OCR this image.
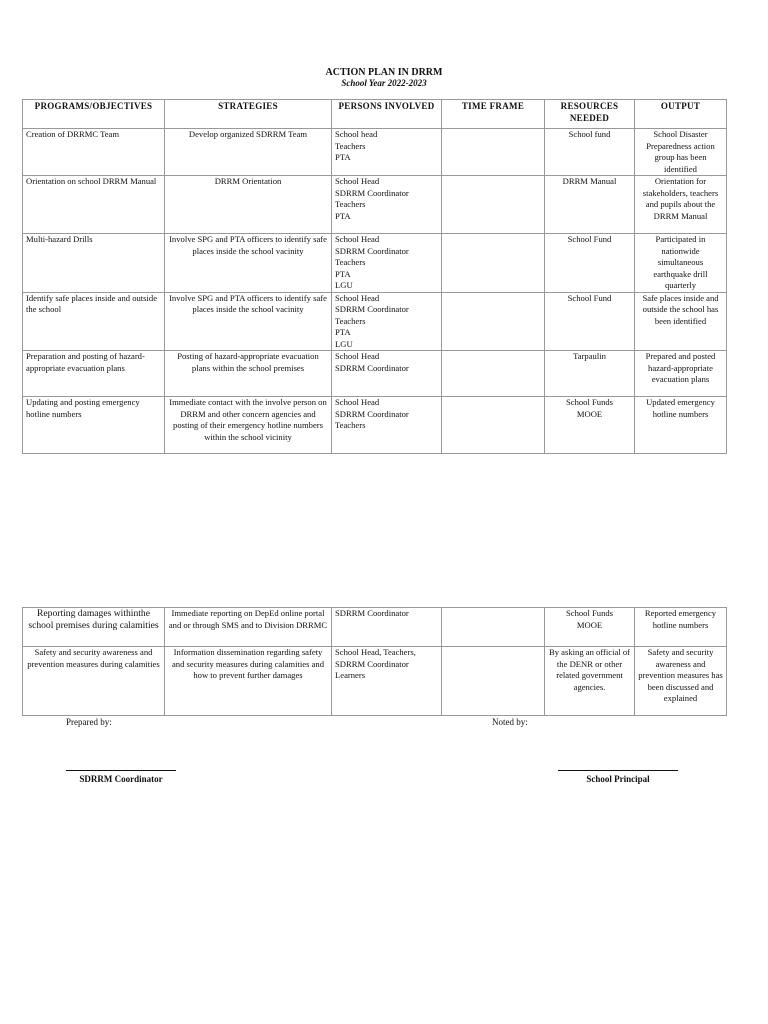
ACTION PLAN IN DRRM
School Year 2022-2023
PROGRAMS/OBJECTIVES	STRATEGIES	PERSONS INVOLVED	TIME FRAME	RESOURCES NEEDED	OUTPUT
Creation of DRRMC Team	Develop organized SDRRM Team	School head
Teachers
PTA		School fund	School Disaster Preparedness action group has been identified
Orientation on school DRRM Manual	DRRM Orientation	School Head
SDRRM Coordinator
Teachers
PTA		DRRM Manual	Orientation for stakeholders, teachers and pupils about the DRRM Manual
Multi-hazard Drills	Involve SPG and PTA officers to identify safe places inside the school vacinity	School Head
SDRRM Coordinator
Teachers
PTA
LGU		School Fund	Participated in nationwide simultaneous earthquake drill quarterly
Identify safe places inside and outside the school	Involve SPG and PTA officers to identify safe places inside the school vacinity	School Head
SDRRM Coordinator
Teachers
PTA
LGU		School Fund	Safe places inside and outside the school has been identified
Preparation and posting of hazard-appropriate evacuation plans	Posting of hazard-appropriate evacuation plans within the school premises	School Head
SDRRM Coordinator		Tarpaulin	Prepared and posted hazard-appropriate evacuation plans
Updating and posting emergency hotline numbers	Immediate contact with the involve person on DRRM and other concern agencies and posting of their emergency hotline numbers within the school vicinity	School Head
SDRRM Coordinator
Teachers		School Funds
MOOE	Updated emergency hotline numbers
Reporting damages withinthe school premises during calamities	Immediate reporting on DepEd online portal and or through SMS and to Division DRRMC	SDRRM Coordinator		School Funds
MOOE	Reported emergency hotline numbers
Safety and security awareness and prevention measures during calamities	Information dissemination regarding safety and security measures during calamities and how to prevent further damages	School Head, Teachers,
SDRRM Coordinator
Learners		By asking an official of the DENR or other related government agencies.	Safety and security awareness and prevention measures has been discussed and explained
Prepared by:	Noted by:
SDRRM Coordinator	School Principal
